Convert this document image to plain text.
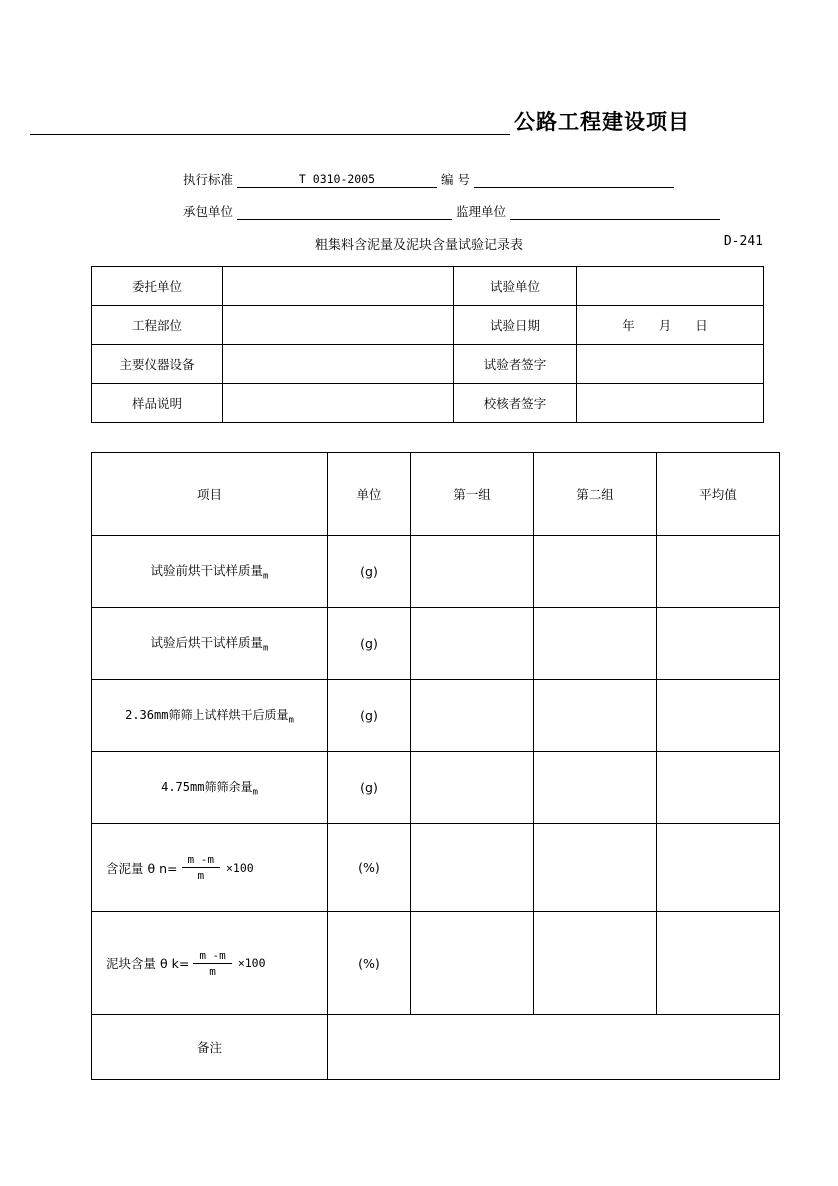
公路工程建设项目
执行标准	T 0310-2005	编 号
承包单位	监理单位
粗集料含泥量及泥块含量试验记录表	D-241
委托单位		试验单位	
工程部位		试验日期	年 月 日
主要仪器设备		试验者签字	
样品说明		校核者签字	
项目	单位	第一组	第二组	平均值
试验前烘干试样质量$_m$	(g)			
试验后烘干试样质量$_m$	(g)			
2.36mm筛筛上试样烘干后质量$_m$	(g)			
4.75mm筛筛余量$_m$	(g)			

含泥量 θ $n= \frac{m -m}{m} \times 100$	(%)			

泥块含量 θ $k= \frac{m -m}{m} \times 100$	(%)			
备注				
